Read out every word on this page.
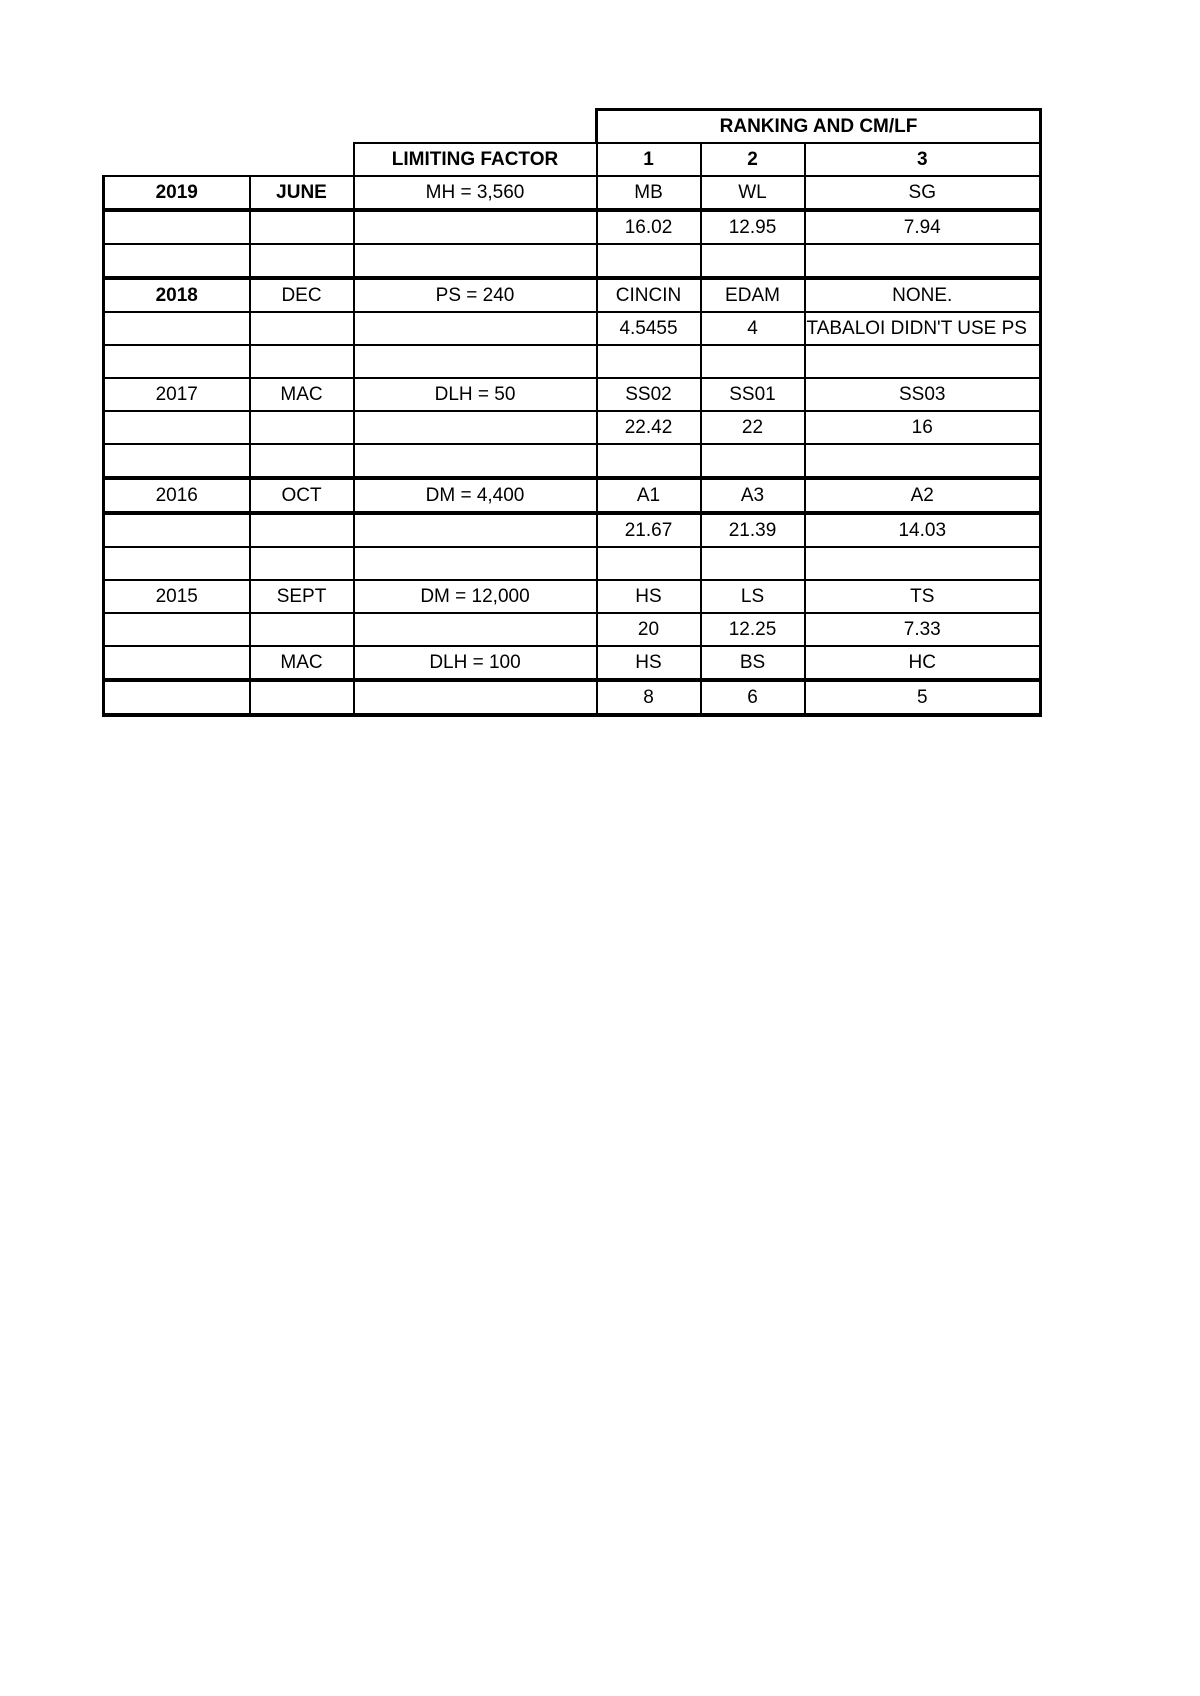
			RANKING AND CM/LF		
		LIMITING FACTOR	1	2	3
2019	JUNE	MH = 3,560	MB	WL	SG
			16.02	12.95	7.94

2018	DEC	PS = 240	CINCIN	EDAM	NONE.
			4.5455	4	TABALOI DIDN'T USE PS

2017	MAC	DLH = 50	SS02	SS01	SS03
			22.42	22	16

2016	OCT	DM = 4,400	A1	A3	A2
			21.67	21.39	14.03

2015	SEPT	DM = 12,000	HS	LS	TS
			20	12.25	7.33
	MAC	DLH = 100	HS	BS	HC
			8	6	5
